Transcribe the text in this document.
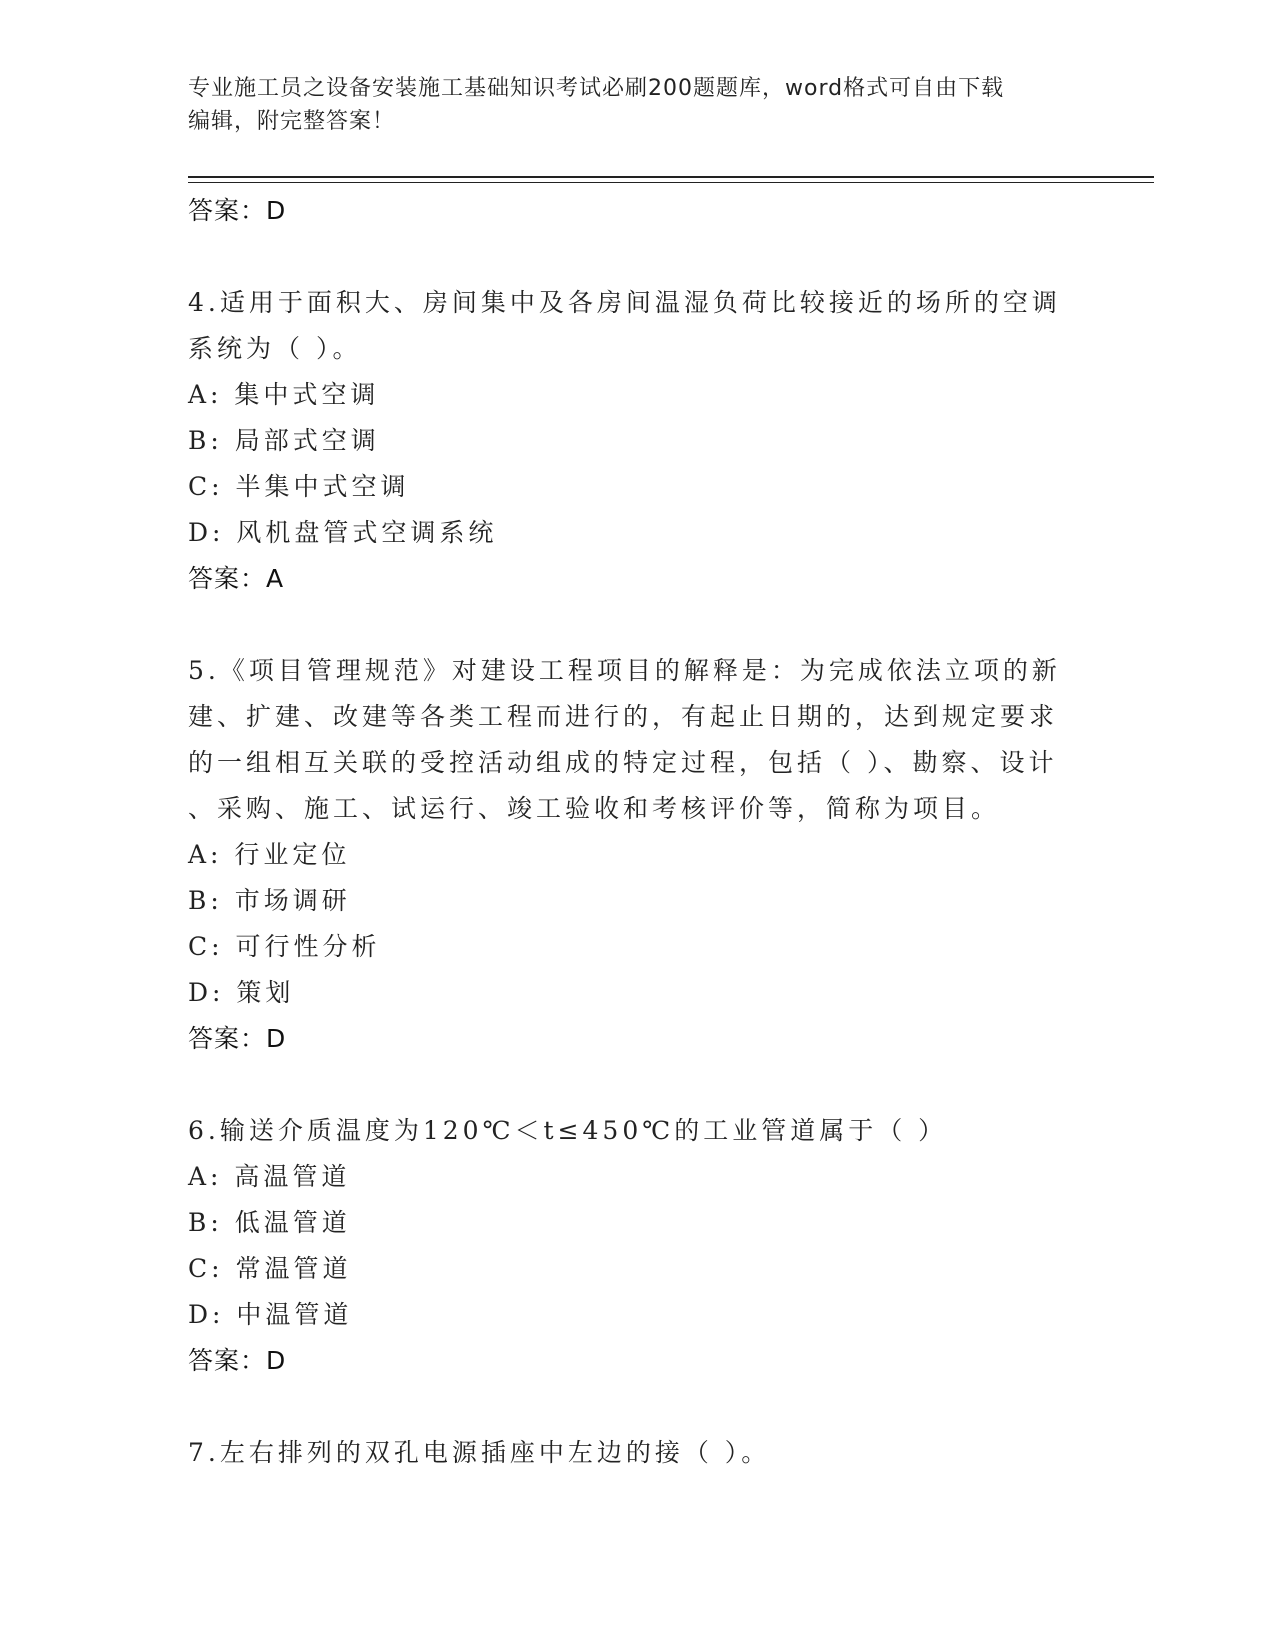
专业施工员之设备安装施工基础知识考试必刷200题题库，word格式可自由下载
编辑，附完整答案！
答案：D
4.适用于面积大、房间集中及各房间温湿负荷比较接近的场所的空调
系统为（ ）。
A: 集中式空调
B: 局部式空调
C: 半集中式空调
D: 风机盘管式空调系统
答案：A
5.《项目管理规范》对建设工程项目的解释是：为完成依法立项的新
建、扩建、改建等各类工程而进行的，有起止日期的，达到规定要求
的一组相互关联的受控活动组成的特定过程，包括（ ）、勘察、设计
、采购、施工、试运行、竣工验收和考核评价等，简称为项目。
A: 行业定位
B: 市场调研
C: 可行性分析
D: 策划
答案：D
6.输送介质温度为120℃＜t≤450℃的工业管道属于（ ）
A: 高温管道
B: 低温管道
C: 常温管道
D: 中温管道
答案：D
7.左右排列的双孔电源插座中左边的接（ ）。
